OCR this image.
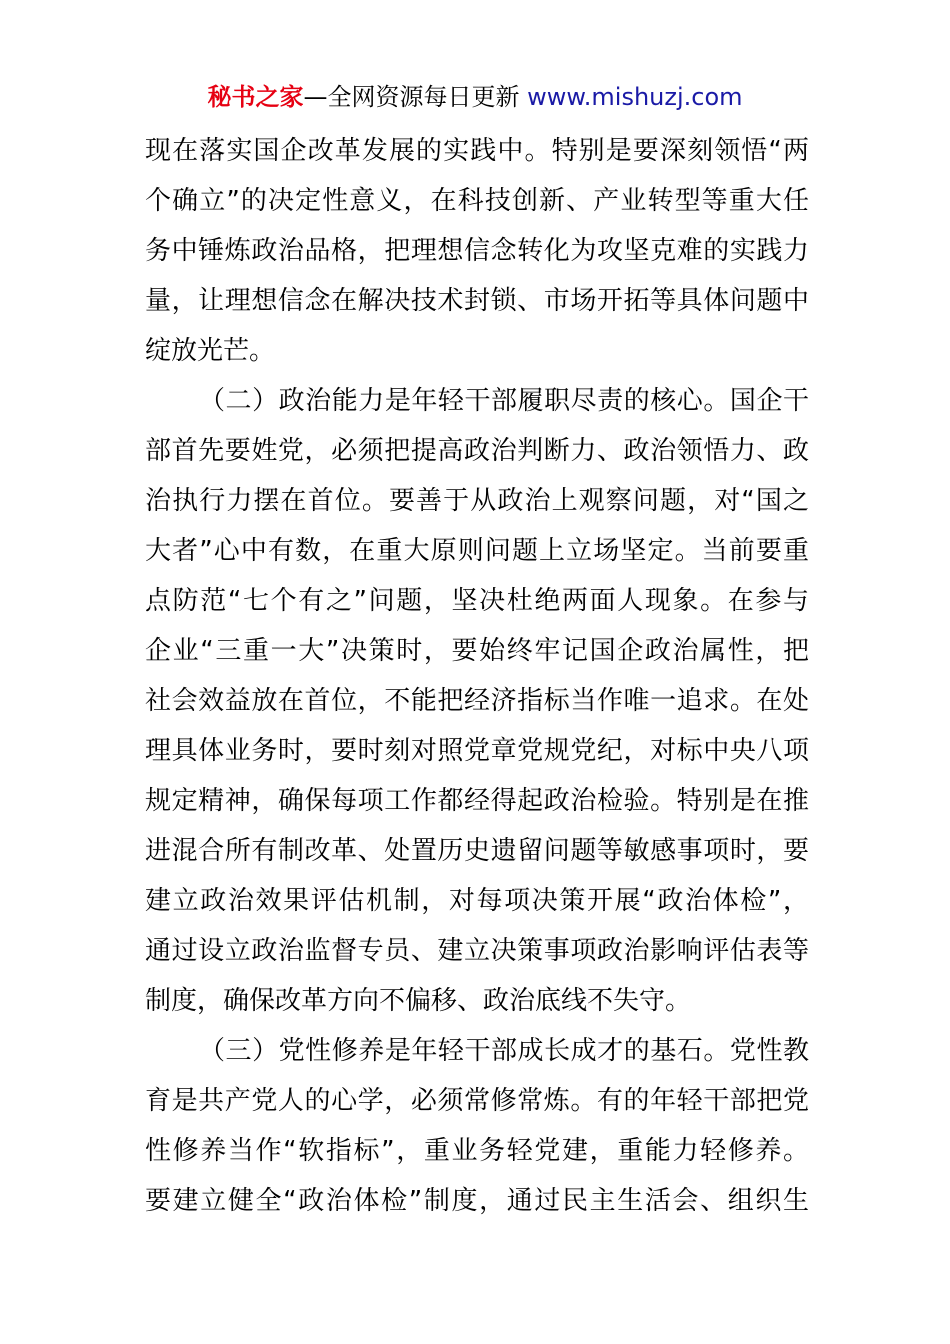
秘书之家—全网资源每日更新 www.mishuzj.com
现在落实国企改革发展的实践中。特别是要深刻领悟“两
个确立”的决定性意义，在科技创新、产业转型等重大任
务中锤炼政治品格，把理想信念转化为攻坚克难的实践力
量，让理想信念在解决技术封锁、市场开拓等具体问题中
绽放光芒。
（二）政治能力是年轻干部履职尽责的核心。国企干
部首先要姓党，必须把提高政治判断力、政治领悟力、政
治执行力摆在首位。要善于从政治上观察问题，对“国之
大者”心中有数，在重大原则问题上立场坚定。当前要重
点防范“七个有之”问题，坚决杜绝两面人现象。在参与
企业“三重一大”决策时，要始终牢记国企政治属性，把
社会效益放在首位，不能把经济指标当作唯一追求。在处
理具体业务时，要时刻对照党章党规党纪，对标中央八项
规定精神，确保每项工作都经得起政治检验。特别是在推
进混合所有制改革、处置历史遗留问题等敏感事项时，要
建立政治效果评估机制，对每项决策开展“政治体检”，
通过设立政治监督专员、建立决策事项政治影响评估表等
制度，确保改革方向不偏移、政治底线不失守。
（三）党性修养是年轻干部成长成才的基石。党性教
育是共产党人的心学，必须常修常炼。有的年轻干部把党
性修养当作“软指标”，重业务轻党建，重能力轻修养。
要建立健全“政治体检”制度，通过民主生活会、组织生
